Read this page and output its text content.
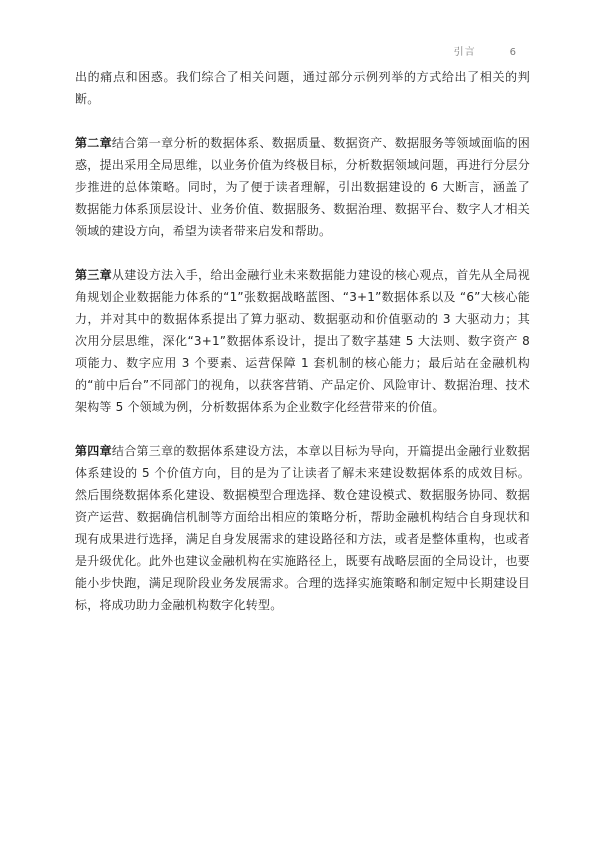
引言	6

出的痛点和困惑。我们综合了相关问题，通过部分示例列举的方式给出了相关的判断。

第二章结合第一章分析的数据体系、数据质量、数据资产、数据服务等领域面临的困惑，提出采用全局思维，以业务价值为终极目标，分析数据领域问题，再进行分层分步推进的总体策略。同时，为了便于读者理解，引出数据建设的 6 大断言，涵盖了数据能力体系顶层设计、业务价值、数据服务、数据治理、数据平台、数字人才相关领域的建设方向，希望为读者带来启发和帮助。

第三章从建设方法入手，给出金融行业未来数据能力建设的核心观点，首先从全局视角规划企业数据能力体系的“1”张数据战略蓝图、“3+1”数据体系以及 “6”大核心能力，并对其中的数据体系提出了算力驱动、数据驱动和价值驱动的 3 大驱动力；其次用分层思维，深化“3+1”数据体系设计，提出了数字基建 5 大法则、数字资产 8 项能力、数字应用 3 个要素、运营保障 1 套机制的核心能力；最后站在金融机构的“前中后台”不同部门的视角，以获客营销、产品定价、风险审计、数据治理、技术架构等 5 个领域为例，分析数据体系为企业数字化经营带来的价值。

第四章结合第三章的数据体系建设方法，本章以目标为导向，开篇提出金融行业数据体系建设的 5 个价值方向，目的是为了让读者了解未来建设数据体系的成效目标。然后围绕数据体系化建设、数据模型合理选择、数仓建设模式、数据服务协同、数据资产运营、数据确信机制等方面给出相应的策略分析，帮助金融机构结合自身现状和现有成果进行选择，满足自身发展需求的建设路径和方法，或者是整体重构，也或者是升级优化。此外也建议金融机构在实施路径上，既要有战略层面的全局设计，也要能小步快跑，满足现阶段业务发展需求。合理的选择实施策略和制定短中长期建设目标，将成功助力金融机构数字化转型。
